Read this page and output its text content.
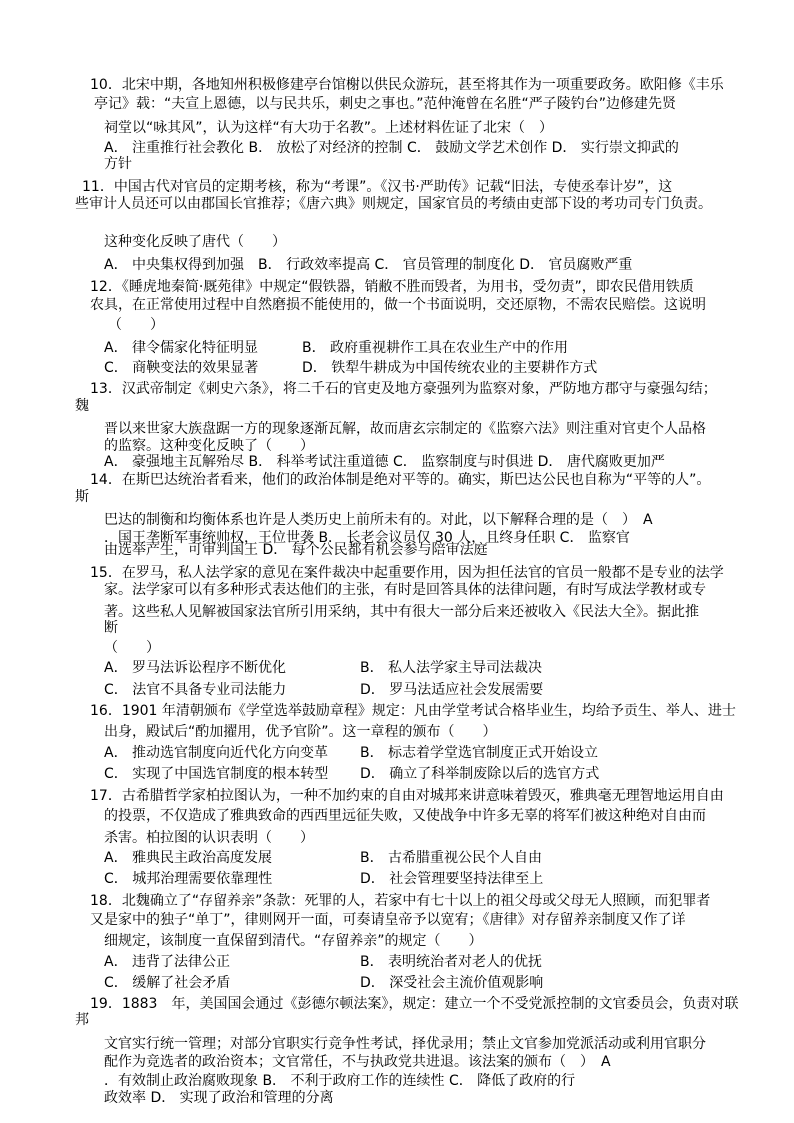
10．北宋中期，各地知州积极修建亭台馆榭以供民众游玩，甚至将其作为一项重要政务。欧阳修《丰乐
亭记》载：“夫宣上恩德，以与民共乐，刺史之事也。”范仲淹曾在名胜“严子陵钓台”边修建先贤
祠堂以“咏其风”，认为这样“有大功于名教”。上述材料佐证了北宋（　）
A． 注重推行社会教化 B． 放松了对经济的控制 C． 鼓励文学艺术创作 D． 实行崇文抑武的
方针
11．中国古代对官员的定期考核，称为“考课”。《汉书·严助传》记载“旧法，专使丞奉计岁”，这
些审计人员还可以由郡国长官推荐；《唐六典》则规定，国家官员的考绩由吏部下设的考功司专门负责。
这种变化反映了唐代（　　）
A． 中央集权得到加强　B． 行政效率提高 C． 官员管理的制度化 D． 官员腐败严重
12．《睡虎地秦简·厩苑律》中规定“假铁器，销敝不胜而毁者，为用书，受勿责”，即农民借用铁质
农具，在正常使用过程中自然磨损不能使用的，做一个书面说明，交还原物，不需农民赔偿。这说明
（　　）
A． 律令儒家化特征明显	B． 政府重视耕作工具在农业生产中的作用
C． 商鞅变法的效果显著	D． 铁犁牛耕成为中国传统农业的主要耕作方式
13．汉武帝制定《刺史六条》，将二千石的官吏及地方豪强列为监察对象，严防地方郡守与豪强勾结；
魏
晋以来世家大族盘踞一方的现象逐渐瓦解，故而唐玄宗制定的《监察六法》则注重对官吏个人品格
的监察。这种变化反映了（　　）
A． 豪强地主瓦解殆尽 B． 科举考试注重道德 C． 监察制度与时俱进 D． 唐代腐败更加严
14．在斯巴达统治者看来，他们的政治体制是绝对平等的。确实，斯巴达公民也自称为“平等的人”。
斯
巴达的制衡和均衡体系也许是人类历史上前所未有的。对此，以下解释合理的是（　）　A
．国王垄断军事统帅权，王位世袭 B． 长老会议员仅 30 人，且终身任职 C． 监察官
由选举产生，可审判国王 D． 每个公民都有机会参与陪审法庭
15．在罗马，私人法学家的意见在案件裁决中起重要作用，因为担任法官的官员一般都不是专业的法学
家。法学家可以有多种形式表达他们的主张，有时是回答具体的法律问题，有时写成法学教材或专
著。这些私人见解被国家法官所引用采纳，其中有很大一部分后来还被收入《民法大全》。据此推
断
（　　）
A． 罗马法诉讼程序不断优化	B． 私人法学家主导司法裁决
C． 法官不具备专业司法能力	D． 罗马法适应社会发展需要
16．1901 年清朝颁布《学堂选举鼓励章程》规定：凡由学堂考试合格毕业生，均给予贡生、举人、进士
出身，殿试后“酌加擢用，优予官阶”。这一章程的颁布（　　）
A． 推动选官制度向近代化方向变革 B． 标志着学堂选官制度正式开始设立
C． 实现了中国选官制度的根本转型 D． 确立了科举制废除以后的选官方式
17．古希腊哲学家柏拉图认为，一种不加约束的自由对城邦来讲意味着毁灭，雅典毫无理智地运用自由
的投票，不仅造成了雅典致命的西西里远征失败，又使战争中许多无辜的将军们被这种绝对自由而
杀害。柏拉图的认识表明（　　）
A． 雅典民主政治高度发展	B． 古希腊重视公民个人自由
C． 城邦治理需要依靠理性	D． 社会管理要坚持法律至上
18．北魏确立了“存留养亲”条款：死罪的人，若家中有七十以上的祖父母或父母无人照顾，而犯罪者
又是家中的独子“单丁”，律则网开一面，可奏请皇帝予以宽宥；《唐律》对存留养亲制度又作了详
细规定，该制度一直保留到清代。“存留养亲”的规定（　　）
A． 违背了法律公正	B． 表明统治者对老人的优抚
C． 缓解了社会矛盾	D． 深受社会主流价值观影响
19．1883　年，美国国会通过《彭德尔顿法案》，规定：建立一个不受党派控制的文官委员会，负责对联
邦
文官实行统一管理；对部分官职实行竞争性考试，择优录用；禁止文官参加党派活动或利用官职分
配作为竞选者的政治资本；文官常任，不与执政党共进退。该法案的颁布（　）　A
．有效制止政治腐败现象 B． 不利于政府工作的连续性 C． 降低了政府的行
政效率 D． 实现了政治和管理的分离
